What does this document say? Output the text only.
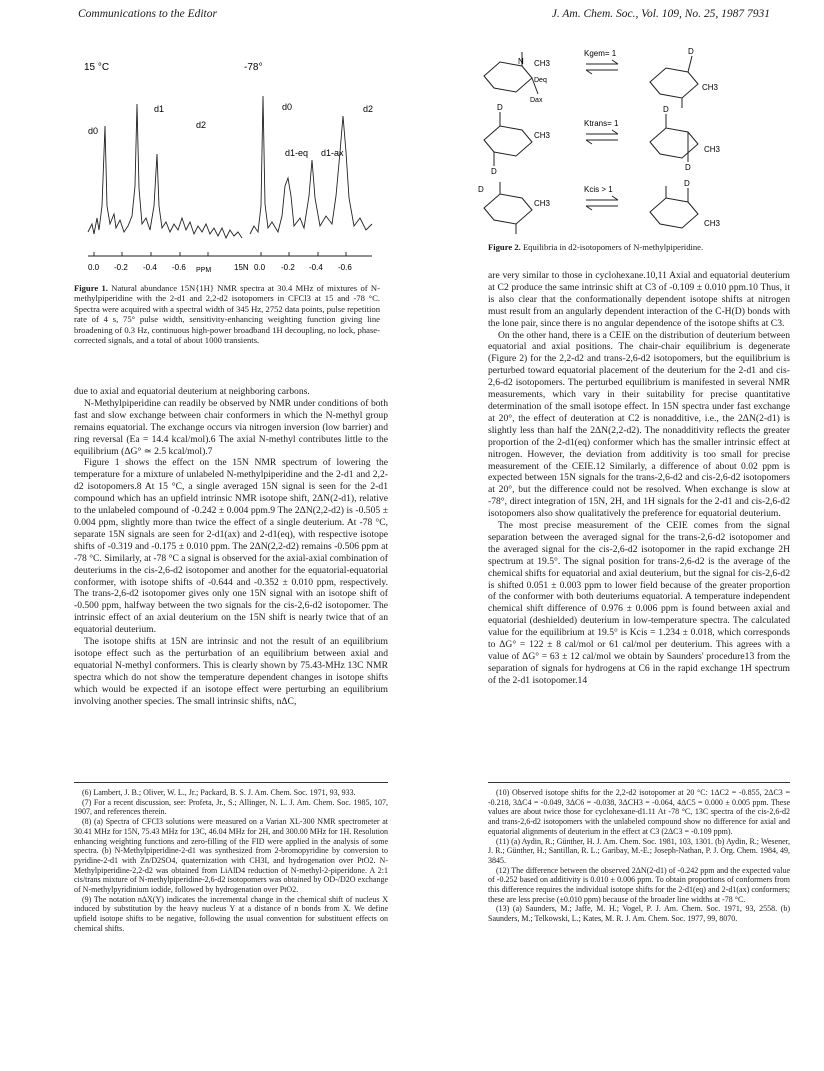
Communications to the Editor	J. Am. Chem. Soc., Vol. 109, No. 25, 1987 7931
15 °C	-78°
d0
d1
d2
d0
d1-eq d1-ax
d2
0.0 -0.2 -0.4 -0.6 PPM	15N 0.0 -0.2 -0.4 -0.6
Figure 1. Natural abundance 15N{1H} NMR spectra at 30.4 MHz of mixtures of N-methylpiperidine with the 2-d1 and 2,2-d2 isotopomers in CFCl3 at 15 and -78 °C. Spectra were acquired with a spectral width of 345 Hz, 2752 data points, pulse repetition rate of 4 s, 75° pulse width, sensitivity-enhancing weighting function giving line broadening of 0.3 Hz, continuous high-power broadband 1H decoupling, no lock, phase-corrected signals, and a total of about 1000 transients.
N CH3
Deq
Dax
Kgem= 1	D
CH3
D
CH3
D
Ktrans= 1
D
CH3
D
D
CH3
Kcis > 1
D
CH3
Figure 2. Equilibria in d2-isotopomers of N-methylpiperidine.

due to axial and equatorial deuterium at neighboring carbons.

N-Methylpiperidine can readily be observed by NMR under conditions of both fast and slow exchange between chair conformers in which the N-methyl group remains equatorial. The exchange occurs via nitrogen inversion (low barrier) and ring reversal (Ea = 14.4 kcal/mol).6 The axial N-methyl contributes little to the equilibrium (ΔG° ≃ 2.5 kcal/mol).7

Figure 1 shows the effect on the 15N NMR spectrum of lowering the temperature for a mixture of unlabeled N-methylpiperidine and the 2-d1 and 2,2-d2 isotopomers.8 At 15 °C, a single averaged 15N signal is seen for the 2-d1 compound which has an upfield intrinsic NMR isotope shift, 2ΔN(2-d1), relative to the unlabeled compound of -0.242 ± 0.004 ppm.9 The 2ΔN(2,2-d2) is -0.505 ± 0.004 ppm, slightly more than twice the effect of a single deuterium. At -78 °C, separate 15N signals are seen for 2-d1(ax) and 2-d1(eq), with respective isotope shifts of -0.319 and -0.175 ± 0.010 ppm. The 2ΔN(2,2-d2) remains -0.506 ppm at -78 °C. Similarly, at -78 °C a signal is observed for the axial-axial combination of deuteriums in the cis-2,6-d2 isotopomer and another for the equatorial-equatorial conformer, with isotope shifts of -0.644 and -0.352 ± 0.010 ppm, respectively. The trans-2,6-d2 isotopomer gives only one 15N signal with an isotope shift of -0.500 ppm, halfway between the two signals for the cis-2,6-d2 isotopomer. The intrinsic effect of an axial deuterium on the 15N shift is nearly twice that of an equatorial deuterium.

The isotope shifts at 15N are intrinsic and not the result of an equilibrium isotope effect such as the perturbation of an equilibrium between axial and equatorial N-methyl conformers. This is clearly shown by 75.43-MHz 13C NMR spectra which do not show the temperature dependent changes in isotope shifts which would be expected if an isotope effect were perturbing an equilibrium involving another species. The small intrinsic shifts, nΔC,

are very similar to those in cyclohexane.10,11 Axial and equatorial deuterium at C2 produce the same intrinsic shift at C3 of -0.109 ± 0.010 ppm.10 Thus, it is also clear that the conformationally dependent isotope shifts at nitrogen must result from an angularly dependent interaction of the C-H(D) bonds with the lone pair, since there is no angular dependence of the isotope shifts at C3.

On the other hand, there is a CEIE on the distribution of deuterium between equatorial and axial positions. The chair-chair equilibrium is degenerate (Figure 2) for the 2,2-d2 and trans-2,6-d2 isotopomers, but the equilibrium is perturbed toward equatorial placement of the deuterium for the 2-d1 and cis-2,6-d2 isotopomers. The perturbed equilibrium is manifested in several NMR measurements, which vary in their suitability for precise quantitative determination of the small isotope effect. In 15N spectra under fast exchange at 20°, the effect of deuteration at C2 is nonadditive, i.e., the 2ΔN(2-d1) is slightly less than half the 2ΔN(2,2-d2). The nonadditivity reflects the greater proportion of the 2-d1(eq) conformer which has the smaller intrinsic effect at nitrogen. However, the deviation from additivity is too small for precise measurement of the CEIE.12 Similarly, a difference of about 0.02 ppm is expected between 15N signals for the trans-2,6-d2 and cis-2,6-d2 isotopomers at 20°, but the difference could not be resolved. When exchange is slow at -78°, direct integration of 15N, 2H, and 1H signals for the 2-d1 and cis-2,6-d2 isotopomers also show qualitatively the preference for equatorial deuterium.

The most precise measurement of the CEIE comes from the signal separation between the averaged signal for the trans-2,6-d2 isotopomer and the averaged signal for the cis-2,6-d2 isotopomer in the rapid exchange 2H spectrum at 19.5°. The signal position for trans-2,6-d2 is the average of the chemical shifts for equatorial and axial deuterium, but the signal for cis-2,6-d2 is shifted 0.051 ± 0.003 ppm to lower field because of the greater proportion of the conformer with both deuteriums equatorial. A temperature independent chemical shift difference of 0.976 ± 0.006 ppm is found between axial and equatorial (deshielded) deuterium in low-temperature spectra. The calculated value for the equilibrium at 19.5° is Kcis = 1.234 ± 0.018, which corresponds to ΔG° = 122 ± 8 cal/mol or 61 cal/mol per deuterium. This agrees with a value of ΔG° = 63 ± 12 cal/mol we obtain by Saunders' procedure13 from the separation of signals for hydrogens at C6 in the rapid exchange 1H spectrum of the 2-d1 isotopomer.14

(6) Lambert, J. B.; Oliver, W. L., Jr.; Packard, B. S. J. Am. Chem. Soc. 1971, 93, 933.

(7) For a recent discussion, see: Profeta, Jr., S.; Allinger, N. L. J. Am. Chem. Soc. 1985, 107, 1907, and references therein.

(8) (a) Spectra of CFCl3 solutions were measured on a Varian XL-300 NMR spectrometer at 30.41 MHz for 15N, 75.43 MHz for 13C, 46.04 MHz for 2H, and 300.00 MHz for 1H. Resolution enhancing weighting functions and zero-filling of the FID were applied in the analysis of some spectra. (b) N-Methylpiperidine-2-d1 was synthesized from 2-bromopyridine by conversion to pyridine-2-d1 with Zn/D2SO4, quaternization with CH3I, and hydrogenation over PtO2. N-Methylpiperidine-2,2-d2 was obtained from LiAlD4 reduction of N-methyl-2-piperidone. A 2:1 cis/trans mixture of N-methylpiperidine-2,6-d2 isotopomers was obtained by OD-/D2O exchange of N-methylpyridinium iodide, followed by hydrogenation over PtO2.

(9) The notation nΔX(Y) indicates the incremental change in the chemical shift of nucleus X induced by substitution by the heavy nucleus Y at a distance of n bonds from X. We define upfield isotope shifts to be negative, following the usual convention for substituent effects on chemical shifts.

(10) Observed isotope shifts for the 2,2-d2 isotopomer at 20 °C: 1ΔC2 = -0.855, 2ΔC3 = -0.218, 3ΔC4 = -0.049, 3ΔC6 = -0.038, 3ΔCH3 = -0.064, 4ΔC5 = 0.000 ± 0.005 ppm. These values are about twice those for cyclohexane-d1.11 At -78 °C, 13C spectra of the cis-2,6-d2 and trans-2,6-d2 isotopomers with the unlabeled compound show no difference for axial and equatorial alignments of deuterium in the effect at C3 (2ΔC3 = -0.109 ppm).

(11) (a) Aydin, R.; Günther, H. J. Am. Chem. Soc. 1981, 103, 1301. (b) Aydin, R.; Wesener, J. R.; Günther, H.; Santillan, R. L.; Garibay, M.-E.; Joseph-Nathan, P. J. Org. Chem. 1984, 49, 3845.

(12) The difference between the observed 2ΔN(2-d1) of -0.242 ppm and the expected value of -0.252 based on additivity is 0.010 ± 0.006 ppm. To obtain proportions of conformers from this difference requires the individual isotope shifts for the 2-d1(eq) and 2-d1(ax) conformers; these are less precise (±0.010 ppm) because of the broader line widths at -78 °C.

(13) (a) Saunders, M.; Jaffe, M. H.; Vogel, P. J. Am. Chem. Soc. 1971, 93, 2558. (b) Saunders, M.; Telkowski, L.; Kates, M. R. J. Am. Chem. Soc. 1977, 99, 8070.
